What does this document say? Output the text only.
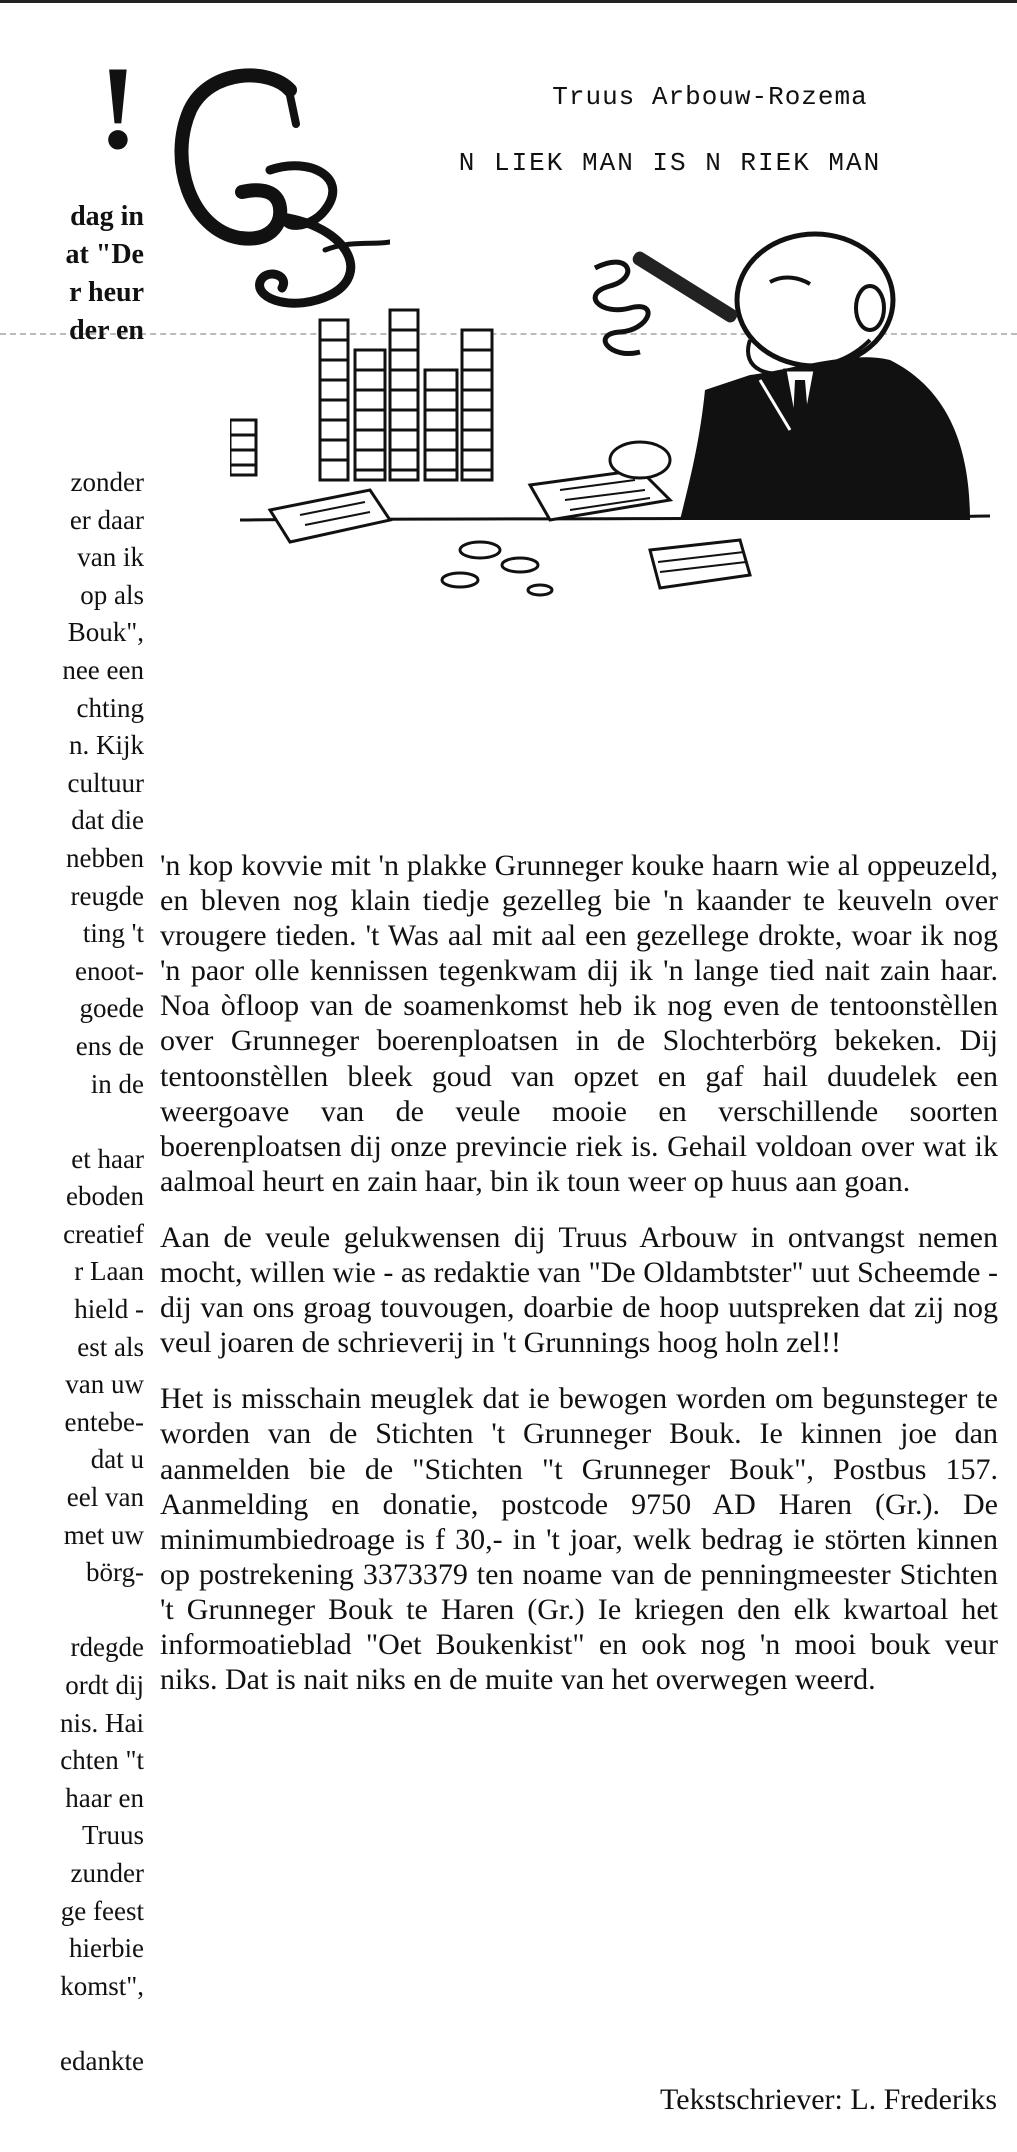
!
dag in
at "De
r heur
der en
zonder
er daar
van ik
op als
Bouk",
nee een
chting
n. Kijk
cultuur
dat die
nebben
reugde
ting 't
enoot-
goede
ens de
in de

et haar
eboden
creatief
r Laan
hield -
est als
van uw
entebe-
dat u
eel van
met uw
börg-

rdegde
ordt dij
nis. Hai
chten "t
haar en
Truus
zunder
ge feest
hierbie
komst",

edankte
Truus Arbouw-Rozema
N LIEK MAN IS N RIEK MAN

'n kop kovvie mit 'n plakke Grunneger kouke haarn wie al oppeuzeld, en bleven nog klain tiedje gezelleg bie 'n kaander te keuveln over vrougere tieden. 't Was aal mit aal een gezellege drokte, woar ik nog 'n paor olle kennissen tegenkwam dij ik 'n lange tied nait zain haar. Noa òfloop van de soamenkomst heb ik nog even de tentoonstèllen over Grunneger boerenploatsen in de Slochterbörg bekeken. Dij tentoonstèllen bleek goud van opzet en gaf hail duudelek een weergoave van de veule mooie en verschillende soorten boerenploatsen dij onze previncie riek is. Gehail voldoan over wat ik aalmoal heurt en zain haar, bin ik toun weer op huus aan goan.

Aan de veule gelukwensen dij Truus Arbouw in ontvangst nemen mocht, willen wie - as redaktie van "De Oldambtster" uut Scheemde - dij van ons groag touvougen, doarbie de hoop uutspreken dat zij nog veul joaren de schrieverij in 't Grunnings hoog holn zel!!

Het is misschain meuglek dat ie bewogen worden om begunsteger te worden van de Stichten 't Grunneger Bouk. Ie kinnen joe dan aanmelden bie de "Stichten "t Grunneger Bouk", Postbus 157. Aanmelding en donatie, postcode 9750 AD Haren (Gr.). De minimumbiedroage is f 30,- in 't joar, welk bedrag ie störten kinnen op postrekening 3373379 ten noame van de penningmeester Stichten 't Grunneger Bouk te Haren (Gr.) Ie kriegen den elk kwartoal het informoatieblad "Oet Boukenkist" en ook nog 'n mooi bouk veur niks. Dat is nait niks en de muite van het overwegen weerd.

Tekstschriever: L. Frederiks
